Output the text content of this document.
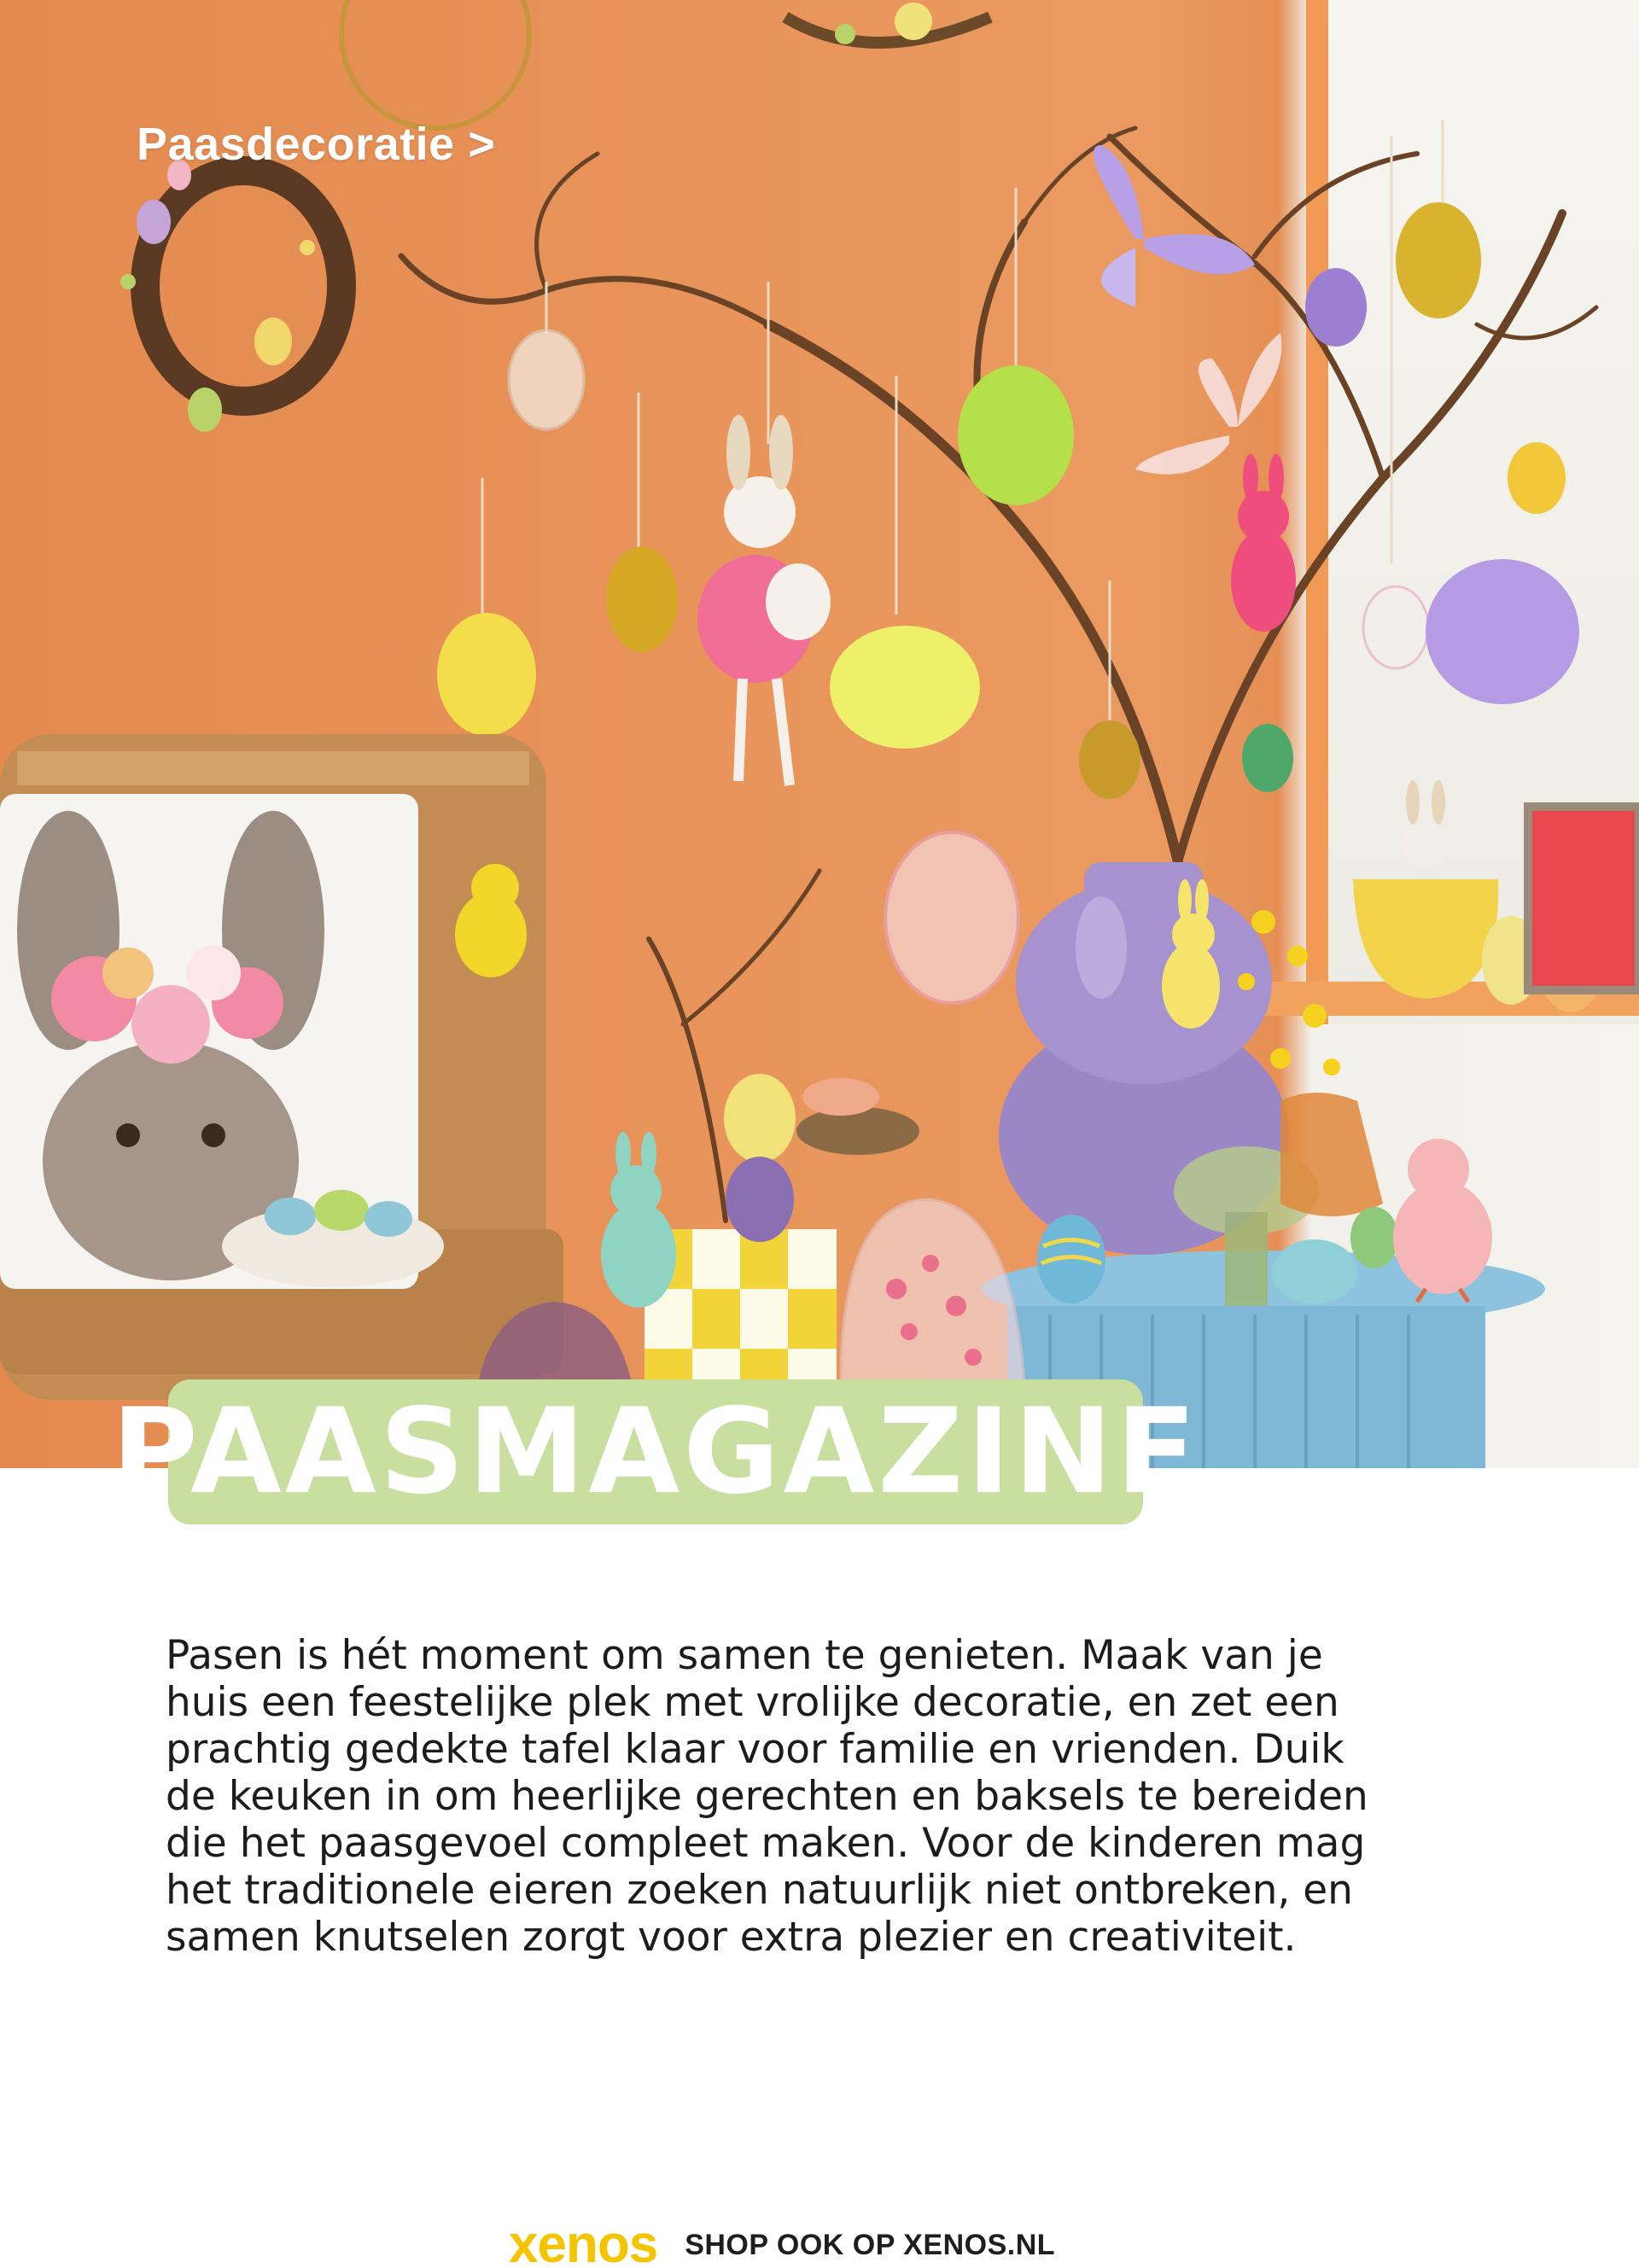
Paasdecoratie >
PAASMAGAZINE

Pasen is hét moment om samen te genieten. Maak van je huis een feestelijke plek met vrolijke decoratie, en zet een prachtig gedekte tafel klaar voor familie en vrienden. Duik de keuken in om heerlijke gerechten en baksels te bereiden die het paasgevoel compleet maken. Voor de kinderen mag het traditionele eieren zoeken natuurlijk niet ontbreken, en samen knutselen zorgt voor extra plezier en creativiteit.

xenos SHOP OOK OP XENOS.NL
